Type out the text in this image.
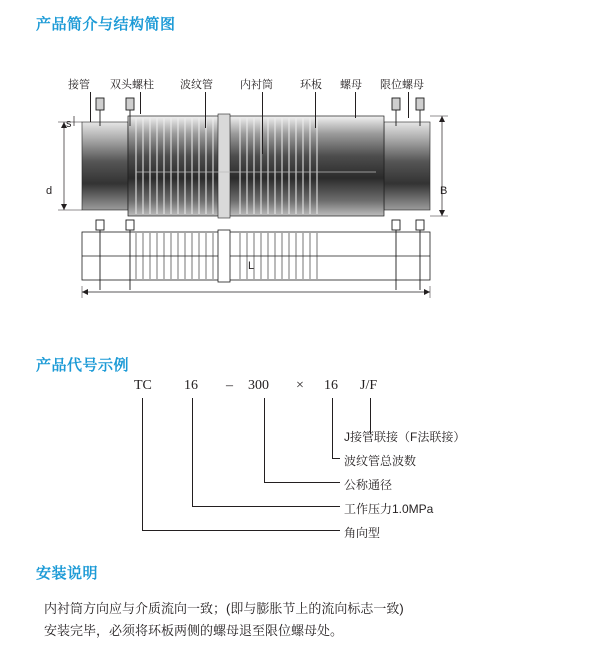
产品简介与结构简图
产品代号示例
安装说明
接管 双头螺柱 波纹管 内衬筒 环板 螺母 限位螺母
s
d	B
L
TC 16 – 300 × 16 J/F
J接管联接（F法联接）
波纹管总波数
公称通径
工作压力1.0MPa
角向型
内衬筒方向应与介质流向一致；(即与膨胀节上的流向标志一致)
安装完毕，必须将环板两侧的螺母退至限位螺母处。
